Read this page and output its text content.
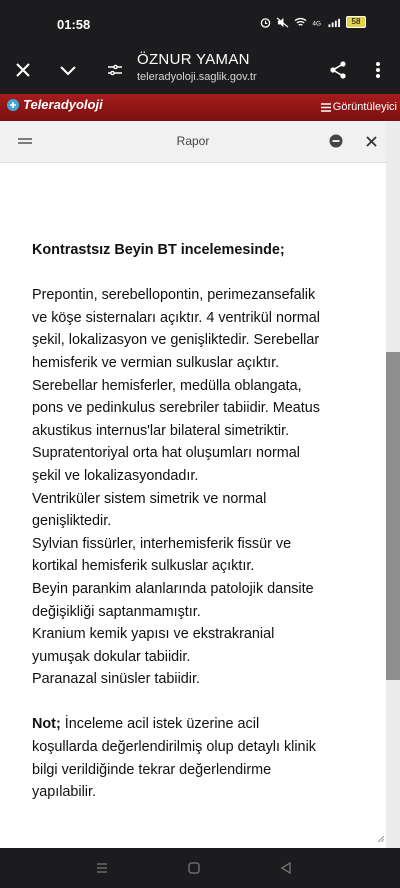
01:58	4G	58
ÖZNUR YAMAN
teleradyoloji.saglik.gov.tr
Teleradyoloji	Görüntüleyici
Rapor

Kontrastsız Beyin BT incelemesinde;

Prepontin, serebellopontin, perimezansefalik

ve köşe sisternaları açıktır. 4 ventrikül normal

şekil, lokalizasyon ve genişliktedir. Serebellar

hemisferik ve vermian sulkuslar açıktır.

Serebellar hemisferler, medülla oblangata,

pons ve pedinkulus serebriler tabiidir. Meatus

akustikus internus'lar bilateral simetriktir.

Supratentoriyal orta hat oluşumları normal

şekil ve lokalizasyondadır.

Ventriküler sistem simetrik ve normal

genişliktedir.

Sylvian fissürler, interhemisferik fissür ve

kortikal hemisferik sulkuslar açıktır.

Beyin parankim alanlarında patolojik dansite

değişikliği saptanmamıştır.

Kranium kemik yapısı ve ekstrakranial

yumuşak dokular tabiidir.

Paranazal sinüsler tabiidir.

Not; İnceleme acil istek üzerine acil

koşullarda değerlendirilmiş olup detaylı klinik

bilgi verildiğinde tekrar değerlendirme

yapılabilir.
